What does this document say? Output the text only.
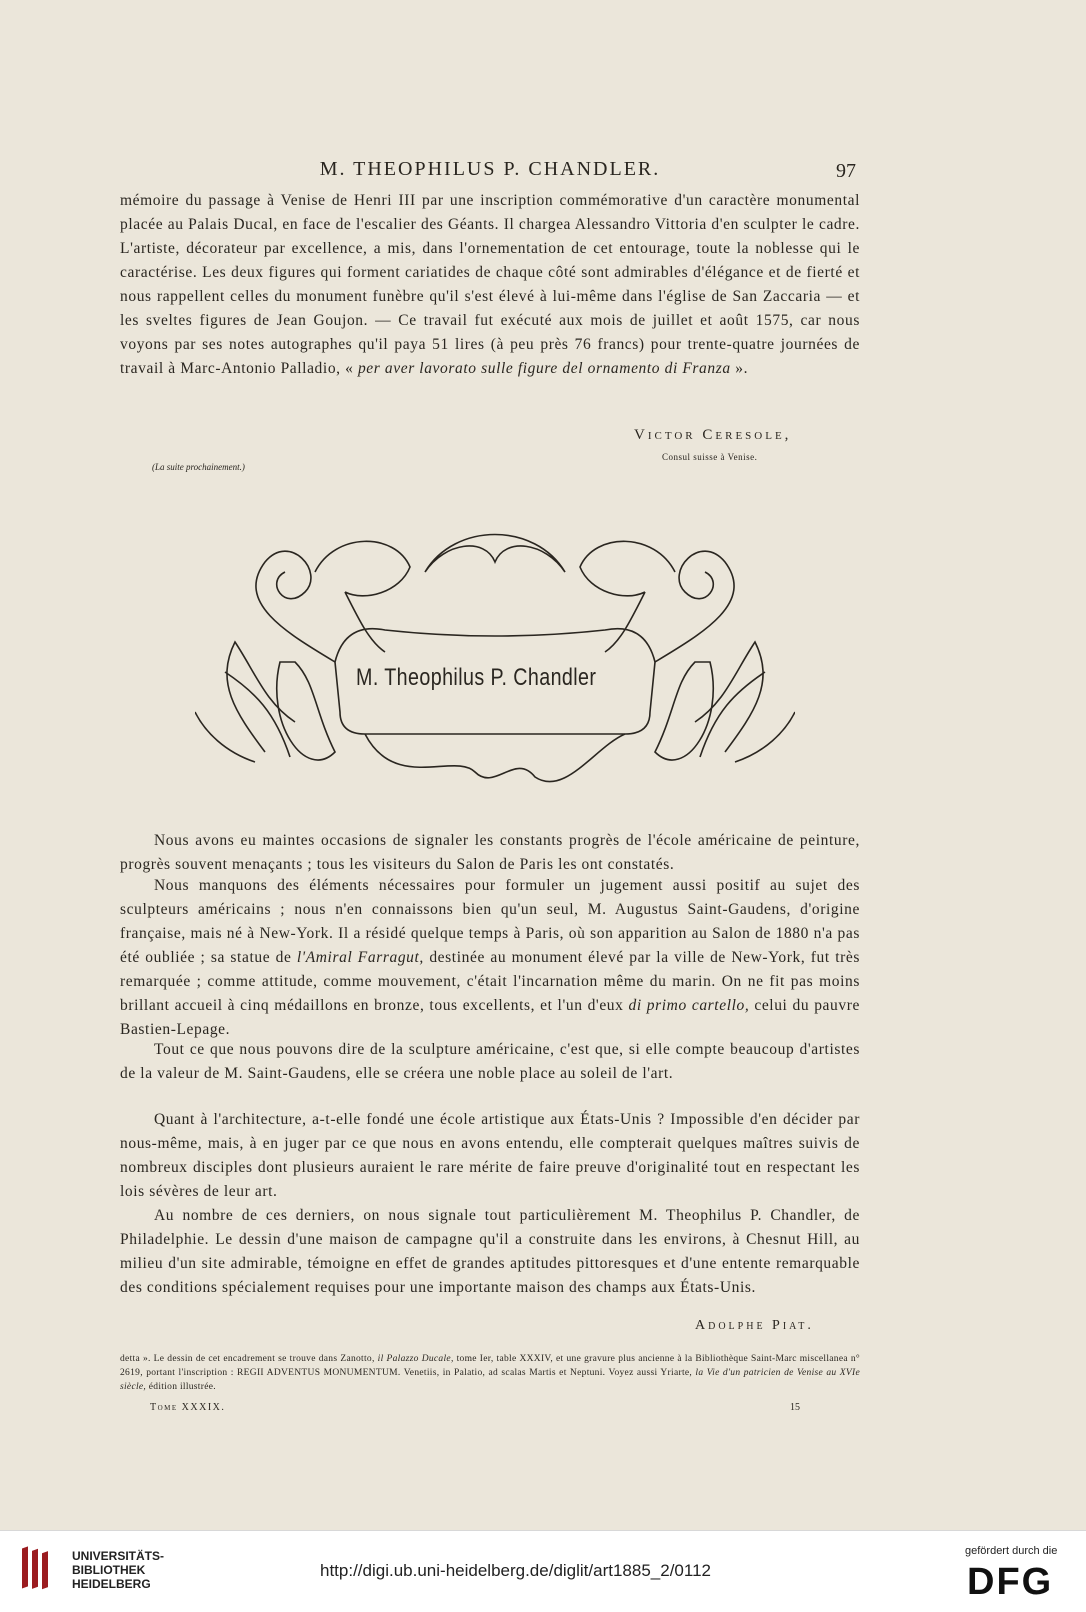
M. THEOPHILUS P. CHANDLER.	97
mémoire du passage à Venise de Henri III par une inscription commémorative d'un caractère monumental placée au Palais Ducal, en face de l'escalier des Géants. Il chargea Alessandro Vittoria d'en sculpter le cadre. L'artiste, décorateur par excellence, a mis, dans l'ornementation de cet entourage, toute la noblesse qui le caractérise. Les deux figures qui forment cariatides de chaque côté sont admirables d'élégance et de fierté et nous rappellent celles du monument funèbre qu'il s'est élevé à lui-même dans l'église de San Zaccaria — et les sveltes figures de Jean Goujon. — Ce travail fut exécuté aux mois de juillet et août 1575, car nous voyons par ses notes autographes qu'il paya 51 lires (à peu près 76 francs) pour trente-quatre journées de travail à Marc-Antonio Palladio, « per aver lavorato sulle figure del ornamento di Franza ».
Victor Ceresole,
Consul suisse à Venise.
(La suite prochainement.)
M. Theophilus P. Chandler
Nous avons eu maintes occasions de signaler les constants progrès de l'école américaine de peinture, progrès souvent menaçants ; tous les visiteurs du Salon de Paris les ont constatés.
Nous manquons des éléments nécessaires pour formuler un jugement aussi positif au sujet des sculpteurs américains ; nous n'en connaissons bien qu'un seul, M. Augustus Saint-Gaudens, d'origine française, mais né à New-York. Il a résidé quelque temps à Paris, où son apparition au Salon de 1880 n'a pas été oubliée ; sa statue de l'Amiral Farragut, destinée au monument élevé par la ville de New-York, fut très remarquée ; comme attitude, comme mouvement, c'était l'incarnation même du marin. On ne fit pas moins brillant accueil à cinq médaillons en bronze, tous excellents, et l'un d'eux di primo cartello, celui du pauvre Bastien-Lepage.
Tout ce que nous pouvons dire de la sculpture américaine, c'est que, si elle compte beaucoup d'artistes de la valeur de M. Saint-Gaudens, elle se créera une noble place au soleil de l'art.
Quant à l'architecture, a-t-elle fondé une école artistique aux États-Unis ? Impossible d'en décider par nous-même, mais, à en juger par ce que nous en avons entendu, elle compterait quelques maîtres suivis de nombreux disciples dont plusieurs auraient le rare mérite de faire preuve d'originalité tout en respectant les lois sévères de leur art.
Au nombre de ces derniers, on nous signale tout particulièrement M. Theophilus P. Chandler, de Philadelphie. Le dessin d'une maison de campagne qu'il a construite dans les environs, à Chesnut Hill, au milieu d'un site admirable, témoigne en effet de grandes aptitudes pittoresques et d'une entente remarquable des conditions spécialement requises pour une importante maison des champs aux États-Unis.
Adolphe Piat.
detta ». Le dessin de cet encadrement se trouve dans Zanotto, il Palazzo Ducale, tome Ier, table XXXIV, et une gravure plus ancienne à la Bibliothèque Saint-Marc miscellanea n° 2619, portant l'inscription : REGII ADVENTUS MONUMENTUM. Venetiis, in Palatio, ad scalas Martis et Neptuni. Voyez aussi Yriarte, la Vie d'un patricien de Venise au XVIe siècle, édition illustrée.
Tome XXXIX.	15
UNIVERSITÄTS-
BIBLIOTHEK
HEIDELBERG
http://digi.ub.uni-heidelberg.de/diglit/art1885_2/0112
gefördert durch die
DFG
